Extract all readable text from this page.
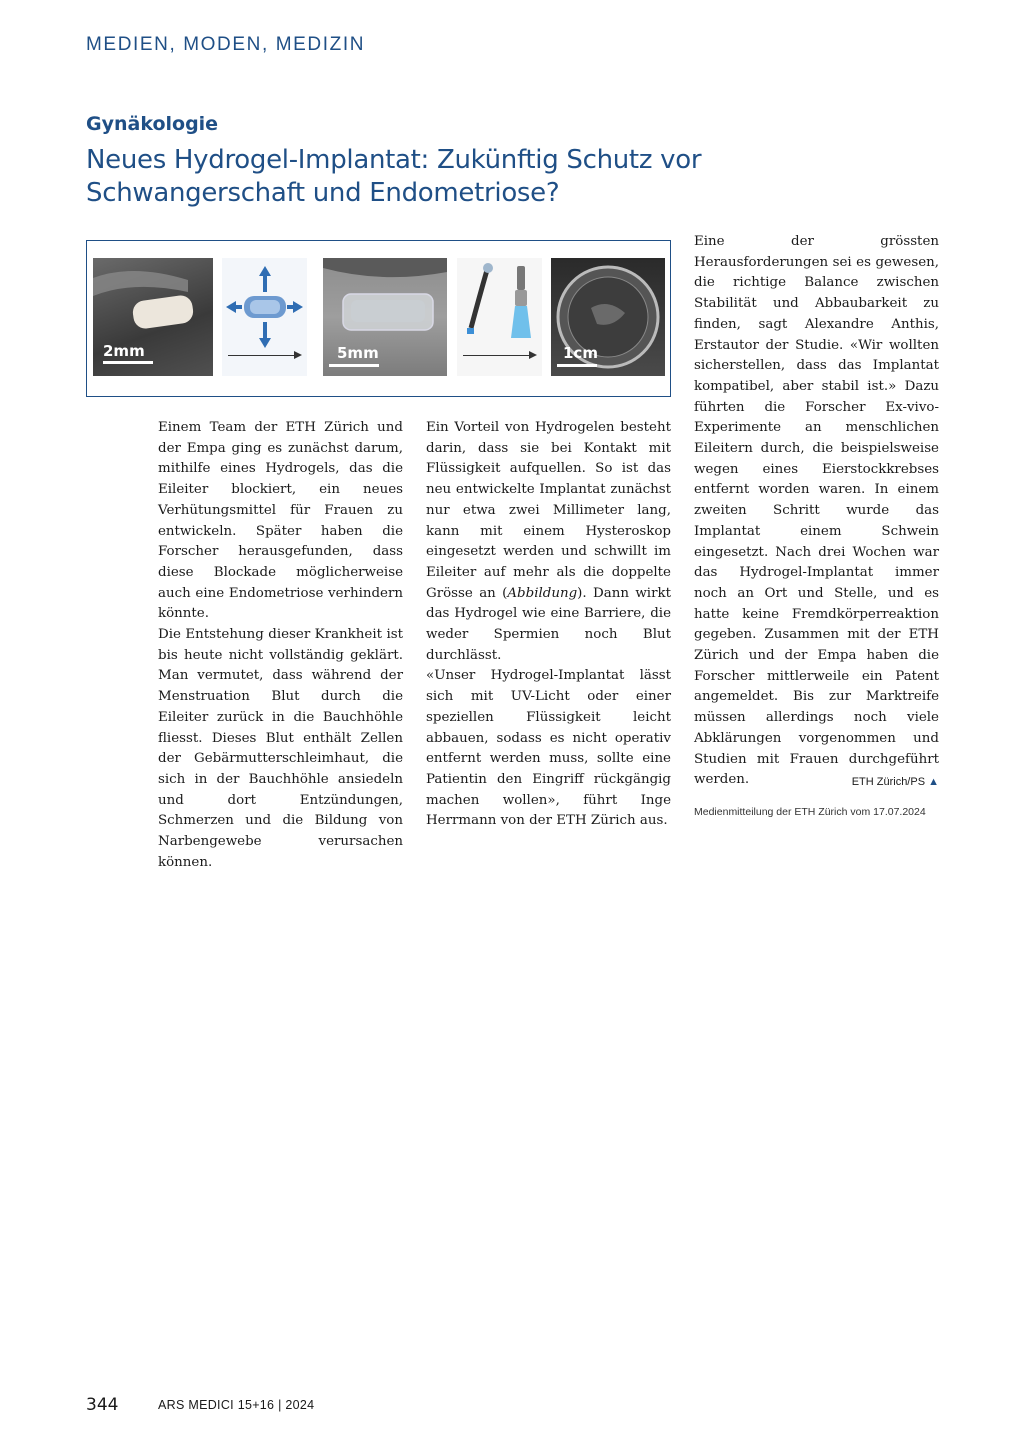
MEDIEN, MODEN, MEDIZIN
Gynäkologie
Neues Hydrogel-Implantat: Zukünftig Schutz vor Schwangerschaft und Endometriose?
2mm	5mm	1cm

Einem Team der ETH Zürich und der Empa ging es zunächst darum, mithilfe eines Hydrogels, das die Eileiter blockiert, ein neues Verhütungsmittel für Frauen zu entwickeln. Später haben die Forscher herausgefunden, dass diese Blockade möglicherweise auch eine Endometriose verhindern könnte.

Die Entstehung dieser Krankheit ist bis heute nicht vollständig geklärt. Man vermutet, dass während der Menstruation Blut durch die Eileiter zurück in die Bauchhöhle fliesst. Dieses Blut enthält Zellen der Gebärmutterschleimhaut, die sich in der Bauchhöhle ansiedeln und dort Entzündungen, Schmerzen und die Bildung von Narbengewebe verursachen können.

Ein Vorteil von Hydrogelen besteht darin, dass sie bei Kontakt mit Flüssigkeit aufquellen. So ist das neu entwickelte Implantat zunächst nur etwa zwei Millimeter lang, kann mit einem Hysteroskop eingesetzt werden und schwillt im Eileiter auf mehr als die doppelte Grösse an (Abbildung). Dann wirkt das Hydrogel wie eine Barriere, die weder Spermien noch Blut durchlässt.

«Unser Hydrogel-Implantat lässt sich mit UV-Licht oder einer speziellen Flüssigkeit leicht abbauen, sodass es nicht operativ entfernt werden muss, sollte eine Patientin den Eingriff rückgängig machen wollen», führt Inge Herrmann von der ETH Zürich aus.

Eine der grössten Herausforderungen sei es gewesen, die richtige Balance zwischen Stabilität und Abbaubarkeit zu finden, sagt Alexandre Anthis, Erstautor der Studie. «Wir wollten sicherstellen, dass das Implantat kompatibel, aber stabil ist.» Dazu führten die Forscher Ex-vivo-Experimente an menschlichen Eileitern durch, die beispielsweise wegen eines Eierstockkrebses entfernt worden waren. In einem zweiten Schritt wurde das Implantat einem Schwein eingesetzt. Nach drei Wochen war das Hydrogel-Implantat immer noch an Ort und Stelle, und es hatte keine Fremdkörperreaktion gegeben. Zusammen mit der ETH Zürich und der Empa haben die Forscher mittlerweile ein Patent angemeldet. Bis zur Marktreife müssen allerdings noch viele Abklärungen vorgenommen und Studien mit Frauen durchgeführt werden.	ETH Zürich/PS ▲

Medienmitteilung der ETH Zürich vom 17.07.2024
344	ARS MEDICI 15+16 | 2024
